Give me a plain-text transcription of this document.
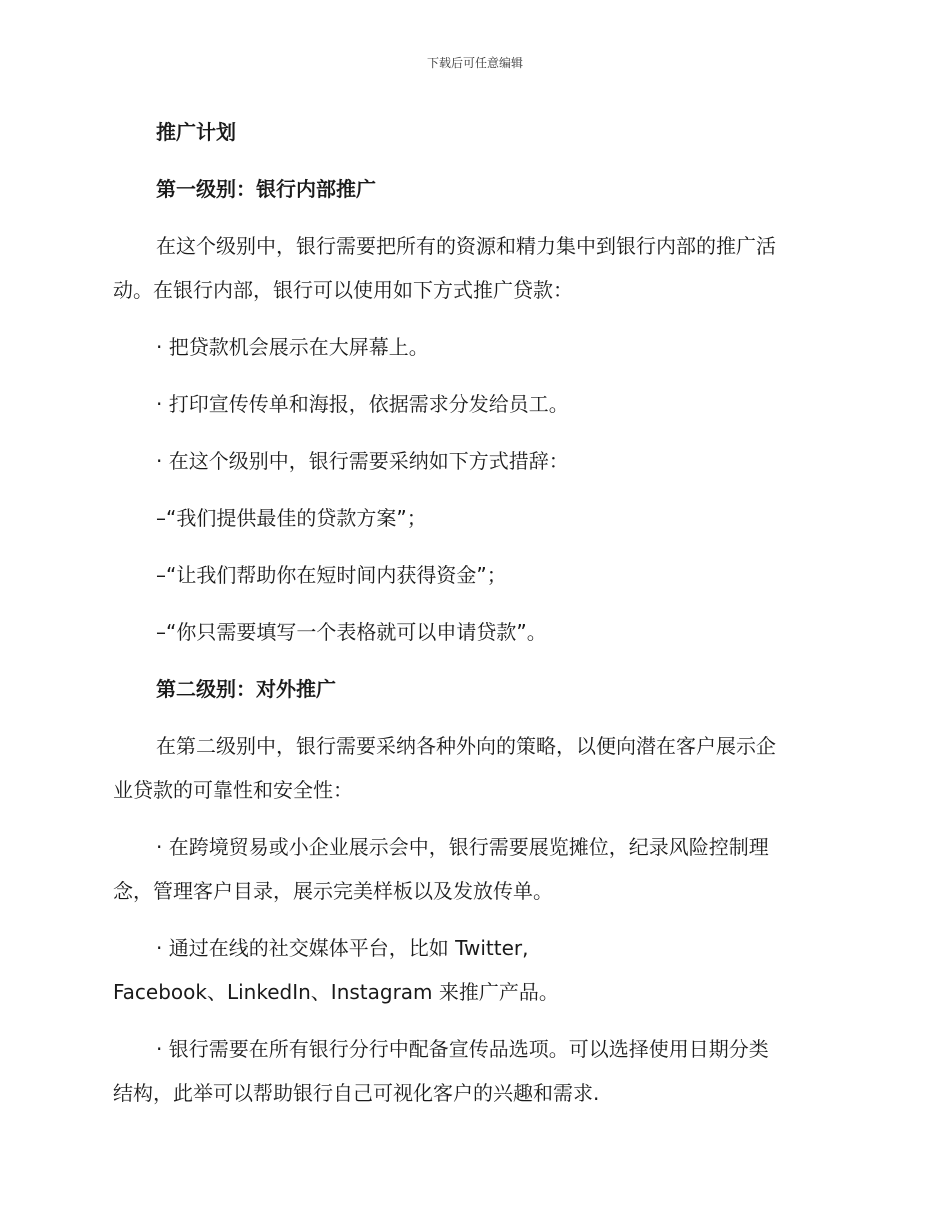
下载后可任意编辑
推广计划
第一级别：银行内部推广
在这个级别中，银行需要把所有的资源和精力集中到银行内部的推广活
动。在银行内部，银行可以使用如下方式推广贷款：
· 把贷款机会展示在大屏幕上。
· 打印宣传传单和海报，依据需求分发给员工。
· 在这个级别中，银行需要采纳如下方式措辞：
–“我们提供最佳的贷款方案”；
–“让我们帮助你在短时间内获得资金”；
–“你只需要填写一个表格就可以申请贷款”。
第二级别：对外推广
在第二级别中，银行需要采纳各种外向的策略，以便向潜在客户展示企
业贷款的可靠性和安全性：
· 在跨境贸易或小企业展示会中，银行需要展览摊位，纪录风险控制理
念，管理客户目录，展示完美样板以及发放传单。
· 通过在线的社交媒体平台，比如 Twitter,
Facebook、LinkedIn、Instagram 来推广产品。
· 银行需要在所有银行分行中配备宣传品选项。可以选择使用日期分类
结构，此举可以帮助银行自己可视化客户的兴趣和需求.
